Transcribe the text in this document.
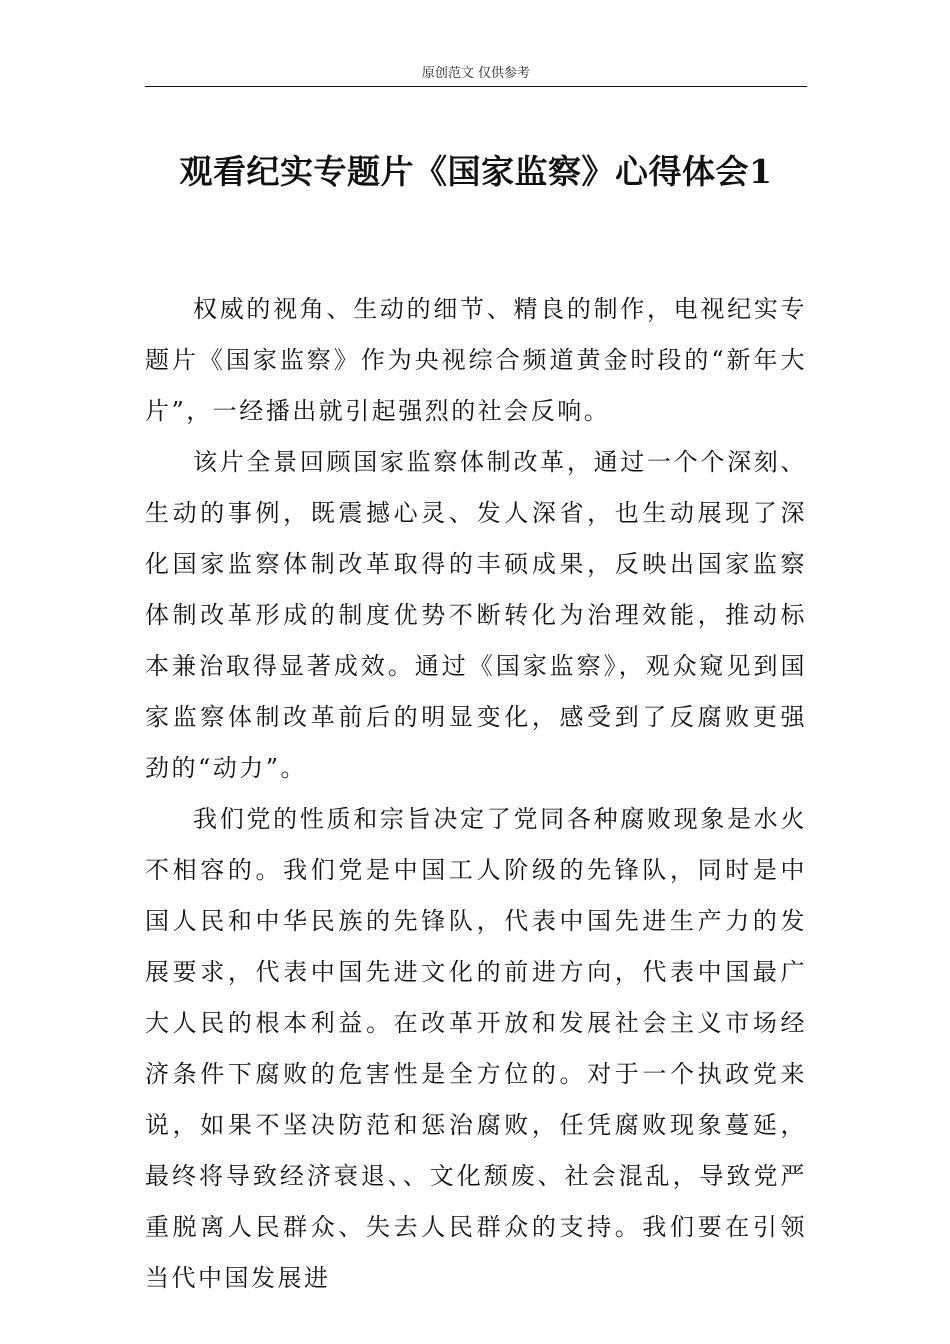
原创范文 仅供参考
观看纪实专题片《国家监察》心得体会1

权威的视角、生动的细节、精良的制作，电视纪实专题片《国家监察》作为央视综合频道黄金时段的“新年大片”，一经播出就引起强烈的社会反响。

该片全景回顾国家监察体制改革，通过一个个深刻、生动的事例，既震撼心灵、发人深省，也生动展现了深化国家监察体制改革取得的丰硕成果，反映出国家监察体制改革形成的制度优势不断转化为治理效能，推动标本兼治取得显著成效。通过《国家监察》，观众窥见到国家监察体制改革前后的明显变化，感受到了反腐败更强劲的“动力”。

我们党的性质和宗旨决定了党同各种腐败现象是水火不相容的。我们党是中国工人阶级的先锋队，同时是中国人民和中华民族的先锋队，代表中国先进生产力的发展要求，代表中国先进文化的前进方向，代表中国最广大人民的根本利益。在改革开放和发展社会主义市场经济条件下腐败的危害性是全方位的。对于一个执政党来说，如果不坚决防范和惩治腐败，任凭腐败现象蔓延，最终将导致经济衰退、、文化颓废、社会混乱，导致党严重脱离人民群众、失去人民群众的支持。我们要在引领当代中国发展进
